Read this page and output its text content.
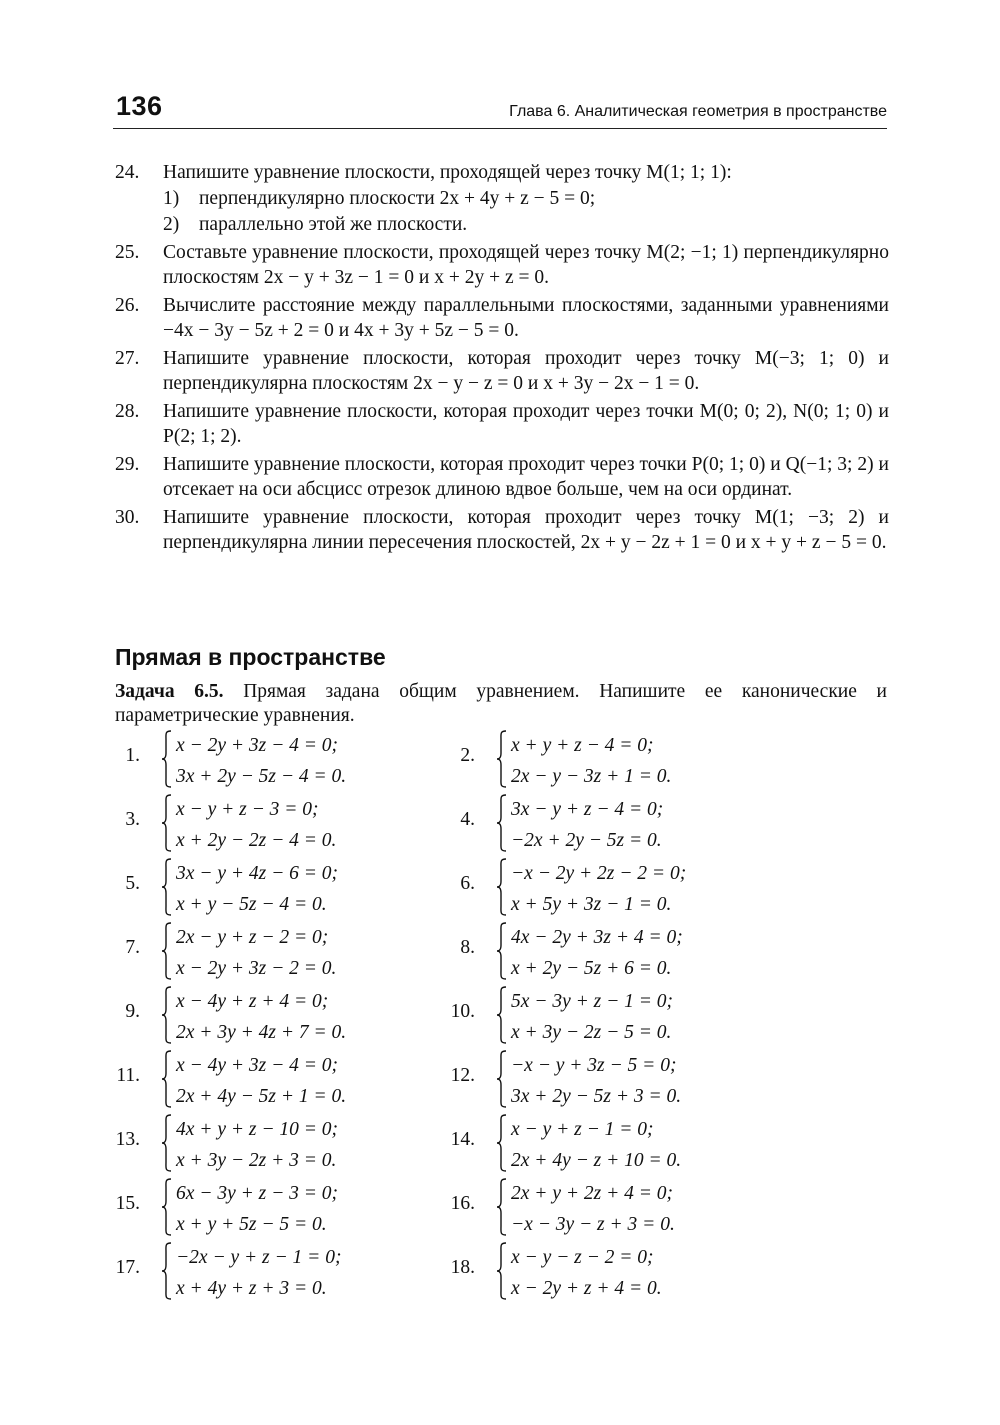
136	Глава 6. Аналитическая геометрия в пространстве
24. Напишите уравнение плоскости, проходящей через точку M(1; 1; 1):
1) перпендикулярно плоскости 2x + 4y + z − 5 = 0;
2) параллельно этой же плоскости.
25. Составьте уравнение плоскости, проходящей через точку M(2; −1; 1) перпендикулярно плоскостям 2x − y + 3z − 1 = 0 и x + 2y + z = 0.
26. Вычислите расстояние между параллельными плоскостями, заданными уравнениями −4x − 3y − 5z + 2 = 0 и 4x + 3y + 5z − 5 = 0.
27. Напишите уравнение плоскости, которая проходит через точку M(−3; 1; 0) и перпендикулярна плоскостям 2x − y − z = 0 и x + 3y − 2x − 1 = 0.
28. Напишите уравнение плоскости, которая проходит через точки M(0; 0; 2), N(0; 1; 0) и P(2; 1; 2).
29. Напишите уравнение плоскости, которая проходит через точки P(0; 1; 0) и Q(−1; 3; 2) и отсекает на оси абсцисс отрезок длиною вдвое больше, чем на оси ординат.
30. Напишите уравнение плоскости, которая проходит через точку M(1; −3; 2) и перпендикулярна линии пересечения плоскостей, 2x + y − 2z + 1 = 0 и x + y + z − 5 = 0.
Прямая в пространстве
Задача 6.5. Прямая задана общим уравнением. Напишите ее канонические и параметрические уравнения.
1. x − 2y + 3z − 4 = 0;
3x + 2y − 5z − 4 = 0.
2. x + y + z − 4 = 0;
2x − y − 3z + 1 = 0.
3. x − y + z − 3 = 0;
x + 2y − 2z − 4 = 0.
4. 3x − y + z − 4 = 0;
−2x + 2y − 5z = 0.
5. 3x − y + 4z − 6 = 0;
x + y − 5z − 4 = 0.
6. −x − 2y + 2z − 2 = 0;
x + 5y + 3z − 1 = 0.
7. 2x − y + z − 2 = 0;
x − 2y + 3z − 2 = 0.
8. 4x − 2y + 3z + 4 = 0;
x + 2y − 5z + 6 = 0.
9. x − 4y + z + 4 = 0;
2x + 3y + 4z + 7 = 0.
10. 5x − 3y + z − 1 = 0;
x + 3y − 2z − 5 = 0.
11. x − 4y + 3z − 4 = 0;
2x + 4y − 5z + 1 = 0.
12. −x − y + 3z − 5 = 0;
3x + 2y − 5z + 3 = 0.
13. 4x + y + z − 10 = 0;
x + 3y − 2z + 3 = 0.
14. x − y + z − 1 = 0;
2x + 4y − z + 10 = 0.
15. 6x − 3y + z − 3 = 0;
x + y + 5z − 5 = 0.
16. 2x + y + 2z + 4 = 0;
−x − 3y − z + 3 = 0.
17. −2x − y + z − 1 = 0;
x + 4y + z + 3 = 0.
18. x − y − z − 2 = 0;
x − 2y + z + 4 = 0.
